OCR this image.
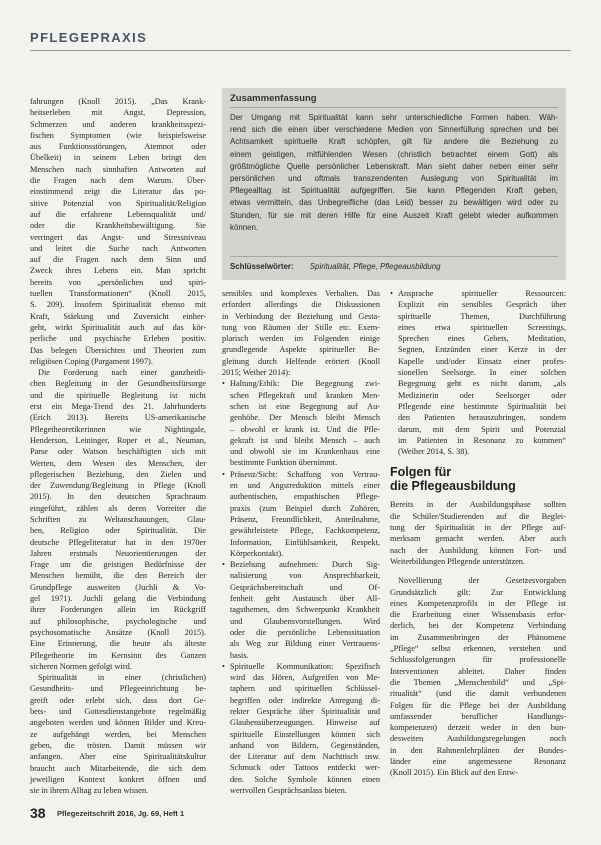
PFLEGEPRAXIS
fahrungen (Knoll 2015). „Das Krank-
heitserleben mit Angst, Depression,
Schmerzen und anderen krankheitsspezi-
fischen Symptomen (wie beispielsweise
aus Funktionsstörungen, Atemnot oder
Übelkeit) in seinem Leben bringt den
Menschen nach sinnhaften Antworten auf
die Fragen nach dem Warum. Über-
einstimmend zeigt die Literatur das po-
sitive Potenzial von Spiritualität/Religion
auf die erfahrene Lebensqualität und/
oder die Krankheitsbewältigung. Sie
verringert das Angst- und Stressniveau
und leitet die Suche nach Antworten
auf die Fragen nach dem Sinn und
Zweck ihres Lebens ein. Man spricht
bereits von „persönlichen und spiri-
tuellen Transformationen“ (Knoll 2015,
S. 209). Insofern Spiritualität ebenso mit
Kraft, Stärkung und Zuversicht einher-
geht, wirkt Spiritualität auch auf das kör-
perliche und psychische Erleben positiv.
Das belegen Übersichten und Theorien zum
religiösen Coping (Pargament 1997).
Die Forderung nach einer ganzheitli-
chen Begleitung in der Gesundheitsfürsorge
und die spirituelle Begleitung ist nicht
erst ein Mega-Trend des 21. Jahrhunderts
(Erich 2013). Bereits US-amerikanische
Pflegetheoretikerinnen wie Nightingale,
Henderson, Leininger, Roper et al., Neuman,
Parse oder Watson beschäftigten sich mit
Werten, dem Wesen des Menschen, der
pflegerischen Beziehung, den Zielen und
der Zuwendung/Begleitung in Pflege (Knoll
2015). In den deutschen Sprachraum
eingeführt, zählen als deren Vorreiter die
Schriften zu Weltanschauungen, Glau-
ben, Religion oder Spiritualität. Die
deutsche Pflegeliteratur hat in den 1970er
Jahren erstmals Neuorientierungen der
Frage um die geistigen Bedürfnisse der
Menschen bemüht, die den Bereich der
Grundpflege ausweiten (Juchli & Vo-
gel 1971). Juchli gelang die Verbindung
ihrer Forderungen allein im Rückgriff
auf philosophische, psychologische und
psychosomatische Ansätze (Knoll 2015).
Eine Erinnerung, die heute als älteste
Pflegetheorie im Kernsinn des Ganzen
sicheren Normen gefolgt wird.
Spiritualität in einer (christlichen)
Gesundheits- und Pflegeeinrichtung be-
greift oder erlebt sich, dass dort Ge-
bets- und Gottesdienstangebote regelmäßig
angeboten werden und können Bilder und Kreu-
ze aufgehängt werden, bei Menschen
geben, die trösten. Damit müssen wir
anfangen. Aber eine Spiritualitätskultur
braucht auch Mitarbeitende, die sich dem
jeweiligen Kontext konkret öffnen und
sie in ihrem Alltag zu leben wissen.
Zusammenfassung
Der Umgang mit Spiritualität kann sehr unterschiedliche Formen haben. Wäh-
rend sich die einen über verschiedene Medien von Sinnerfüllung sprechen und bei
Achtsamkeit spirituelle Kraft schöpfen, gilt für andere die Beziehung zu
einem geistigen, mitfühlenden Wesen (christlich betrachtet einem Gott) als
größtmögliche Quelle persönlicher Lebenskraft. Man sieht daher neben einer sehr
persönlichen und oftmals transzendenten Auslegung von Spiritualität im
Pflegealltag ist Spiritualität aufgegriffen. Sie kann Pflegenden Kraft geben,
etwas vermitteln, das Unbegreifliche (das Leid) besser zu bewältigen wird oder zu
Stunden, für sie mit deren Hilfe für eine Auszeit Kraft gelebt wieder aufkommen
können.
Schlüsselwörter: Spiritualität, Pflege, Pflegeausbildung
sensibles und komplexes Verhalten. Das
erfordert allerdings die Diskussionen
in Verbindung der Beziehung und Gesta-
tung von Räumen der Stille etc. Exem-
plarisch werden im Folgenden einige
grundlegende Aspekte spiritueller Be-
gleitung durch Helfende erörtert (Knoll
2015; Weiher 2014):
• Haltung/Ethik: Die Begegnung zwi-
schen Pflegekraft und kranken Men-
schen ist eine Begegnung auf Au-
genhöhe. Der Mensch bleibt Mensch
– obwohl er krank ist. Und die Pfle-
gekraft ist und bleibt Mensch – auch
und obwohl sie im Krankenhaus eine
bestimmte Funktion übernimmt.
• Präsenz/Sicht: Schaffung von Vertrau-
en und Angstreduktion mittels einer
authentischen, empathischen Pflege-
praxis (zum Beispiel durch Zuhören,
Präsenz, Freundlichkeit, Anteilnahme,
gewährleistete Pflege, Fachkompetenz,
Information, Einfühlsamkeit, Respekt,
Körperkontakt).
• Beziehung aufnehmen: Durch Sig-
nalisierung von Ansprechbarkeit,
Gesprächsbereitschaft und Of-
fenheit geht Austausch über All-
tagsthemen, den Schwerpunkt Krankheit
und Glaubensvorstellungen. Wird
oder die persönliche Lebenssituation
als Weg zur Bildung einer Vertrauens-
basis.
• Spirituelle Kommunikation: Spezifisch
wird das Hören, Aufgreifen von Me-
taphern und spirituellen Schlüssel-
begriffen oder indirekte Anregung di-
rekter Gespräche über Spiritualität und
Glaubensüberzeugungen. Hinweise auf
spirituelle Einstellungen können sich
anhand von Bildern, Gegenständen,
der Literatur auf dem Nachttisch usw.
Schmuck oder Tattoos entdeckt wer-
den. Solche Symbole können einen
wertvollen Gesprächsanlass bieten.
• Ansprache spiritueller Ressourcen:
Explizit ein sensibles Gespräch über
spirituelle Themen, Durchführung
eines etwa spirituellen Screenings,
Sprechen eines Gebets, Meditation,
Segnen, Entzünden einer Kerze in der
Kapelle und/oder Einsatz einer profes-
sionellen Seelsorge. In einer solchen
Begegnung geht es nicht darum, „als
Medizinerin oder Seelsorger oder
Pflegende eine bestimmte Spiritualität bei
den Patienten herauszubringen, sondern
darum, mit dem Spirit und Potenzial
im Patienten in Resonanz zu kommen“
(Weiher 2014, S. 38).
Folgen für
die Pflegeausbildung
Bereits in der Ausbildungsphase sollten
die Schüler/Studierenden auf die Beglei-
tung der Spiritualität in der Pflege auf-
merksam gemacht werden. Aber auch
nach der Ausbildung können Fort- und
Weiterbildungen Pflegende unterstützen.
Novellierung der Gesetzesvorgaben
Grundsätzlich gilt: Zur Entwicklung
eines Kompetenzprofils in der Pflege ist
die Erarbeitung einer Wissensbasis erfor-
derlich, bei der Kompetenz Verbindung
im Zusammenbringen der Phänomene
„Pflege“ selbst erkennen, verstehen und
Schlussfolgerungen für professionelle
Interventionen ableitet. Daher finden
die Themen „Menschenbild“ und „Spi-
ritualität“ (und die damit verbundenen
Folgen für die Pflege bei der Ausbildung
umfassender beruflicher Handlungs-
kompetenzen) derzeit weder in den bun-
desweiten Ausbildungsregelungen noch
in den Rahmenlehrplänen der Bundes-
länder eine angemessene Resonanz
(Knoll 2015). Ein Blick auf den Entw-
38 Pflegezeitschrift 2016, Jg. 69, Heft 1
